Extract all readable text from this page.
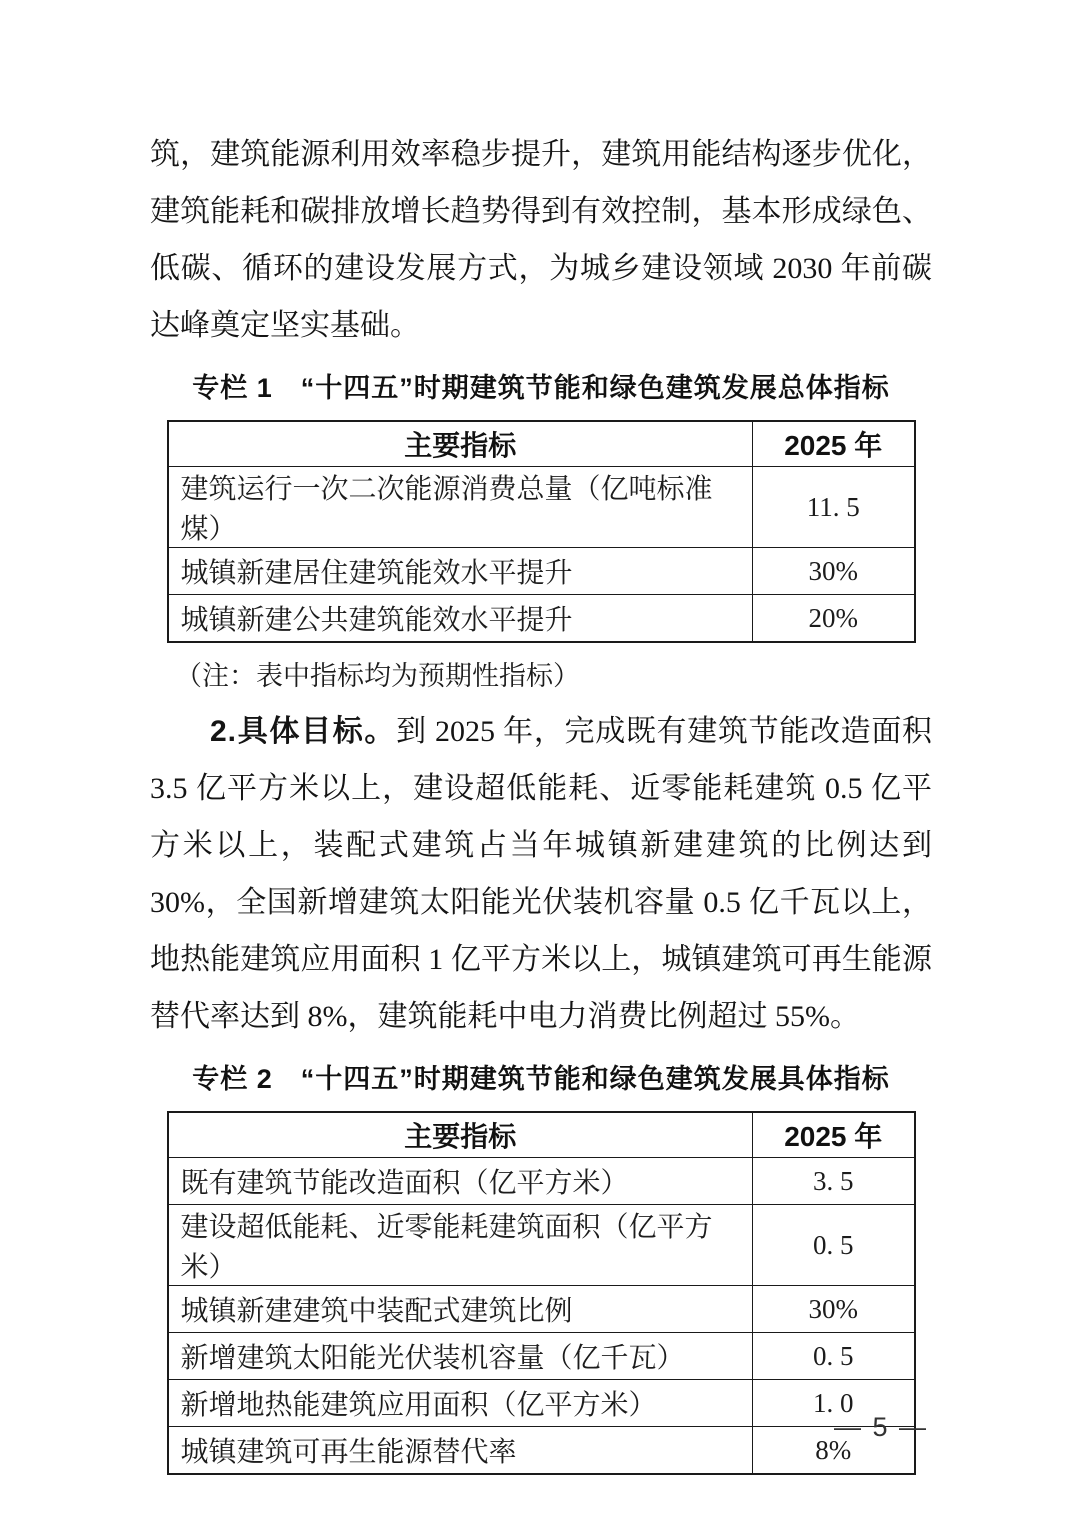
筑，建筑能源利用效率稳步提升，建筑用能结构逐步优化，建筑能耗和碳排放增长趋势得到有效控制，基本形成绿色、低碳、循环的建设发展方式，为城乡建设领域 2030 年前碳达峰奠定坚实基础。

专栏 1　“十四五”时期建筑节能和绿色建筑发展总体指标
主要指标	2025 年
建筑运行一次二次能源消费总量（亿吨标准煤）	11. 5
城镇新建居住建筑能效水平提升	30%
城镇新建公共建筑能效水平提升	20%

（注：表中指标均为预期性指标）

2.具体目标。到 2025 年，完成既有建筑节能改造面积 3.5 亿平方米以上，建设超低能耗、近零能耗建筑 0.5 亿平方米以上，装配式建筑占当年城镇新建建筑的比例达到 30%，全国新增建筑太阳能光伏装机容量 0.5 亿千瓦以上，地热能建筑应用面积 1 亿平方米以上，城镇建筑可再生能源替代率达到 8%，建筑能耗中电力消费比例超过 55%。

专栏 2　“十四五”时期建筑节能和绿色建筑发展具体指标
主要指标	2025 年
既有建筑节能改造面积（亿平方米）	3. 5
建设超低能耗、近零能耗建筑面积（亿平方米）	0. 5
城镇新建建筑中装配式建筑比例	30%
新增建筑太阳能光伏装机容量（亿千瓦）	0. 5
新增地热能建筑应用面积（亿平方米）	1. 0
城镇建筑可再生能源替代率	8%
— 5 —
